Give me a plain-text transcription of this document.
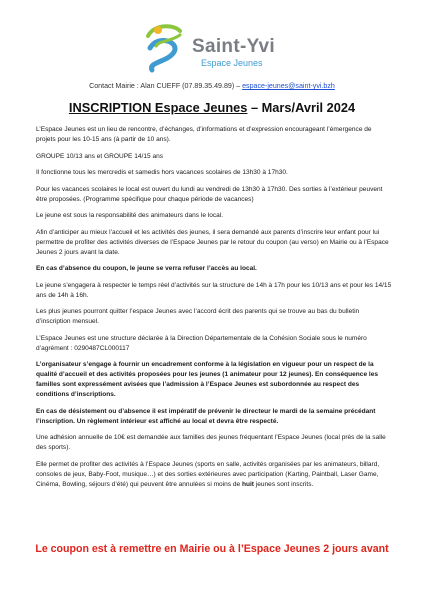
Saint-Yvi
Espace Jeunes
Contact Mairie : Alan CUEFF (07.89.35.49.89) – espace-jeunes@saint-yvi.bzh
INSCRIPTION Espace Jeunes – Mars/Avril 2024

L’Espace Jeunes est un lieu de rencontre, d’échanges, d’informations et d’expression encourageant l’émergence de projets pour les 10-15 ans (à partir de 10 ans).

GROUPE 10/13 ans et GROUPE 14/15 ans

Il fonctionne tous les mercredis et samedis hors vacances scolaires de 13h30 à 17h30.

Pour les vacances scolaires le local est ouvert du lundi au vendredi de 13h30 à 17h30. Des sorties à l’extérieur peuvent être proposées. (Programme spécifique pour chaque période de vacances)

Le jeune est sous la responsabilité des animateurs dans le local.

Afin d’anticiper au mieux l’accueil et les activités des jeunes, il sera demandé aux parents d’inscrire leur enfant pour lui permettre de profiter des activités diverses de l’Espace Jeunes par le retour du coupon (au verso) en Mairie ou à l’Espace Jeunes 2 jours avant la date.

En cas d’absence du coupon, le jeune se verra refuser l’accès au local.

Le jeune s’engagera à respecter le temps réel d’activités sur la structure de 14h à 17h pour les 10/13 ans et pour les 14/15 ans de 14h à 16h.

Les plus jeunes pourront quitter l’espace Jeunes avec l’accord écrit des parents qui se trouve au bas du bulletin d’inscription mensuel.

L’Espace Jeunes est une structure déclarée à la Direction Départementale de la Cohésion Sociale sous le numéro d’agrément : 0290487CL000117

L’organisateur s’engage à fournir un encadrement conforme à la législation en vigueur pour un respect de la qualité d’accueil et des activités proposées pour les jeunes (1 animateur pour 12 jeunes). En conséquence les familles sont expressément avisées que l’admission à l’Espace Jeunes est subordonnée au respect des conditions d’inscriptions.

En cas de désistement ou d’absence il est impératif de prévenir le directeur le mardi de la semaine précédant l’inscription. Un règlement intérieur est affiché au local et devra être respecté.

Une adhésion annuelle de 10€ est demandée aux familles des jeunes fréquentant l’Espace Jeunes (local près de la salle des sports).

Elle permet de profiter des activités à l’Espace Jeunes (sports en salle, activités organisées par les animateurs, billard, consoles de jeux, Baby-Foot, musique…) et des sorties extérieures avec participation (Karting, Paintball, Laser Game, Cinéma, Bowling, séjours d’été) qui peuvent être annulées si moins de huit jeunes sont inscrits.

Le coupon est à remettre en Mairie ou à l’Espace Jeunes 2 jours avant
